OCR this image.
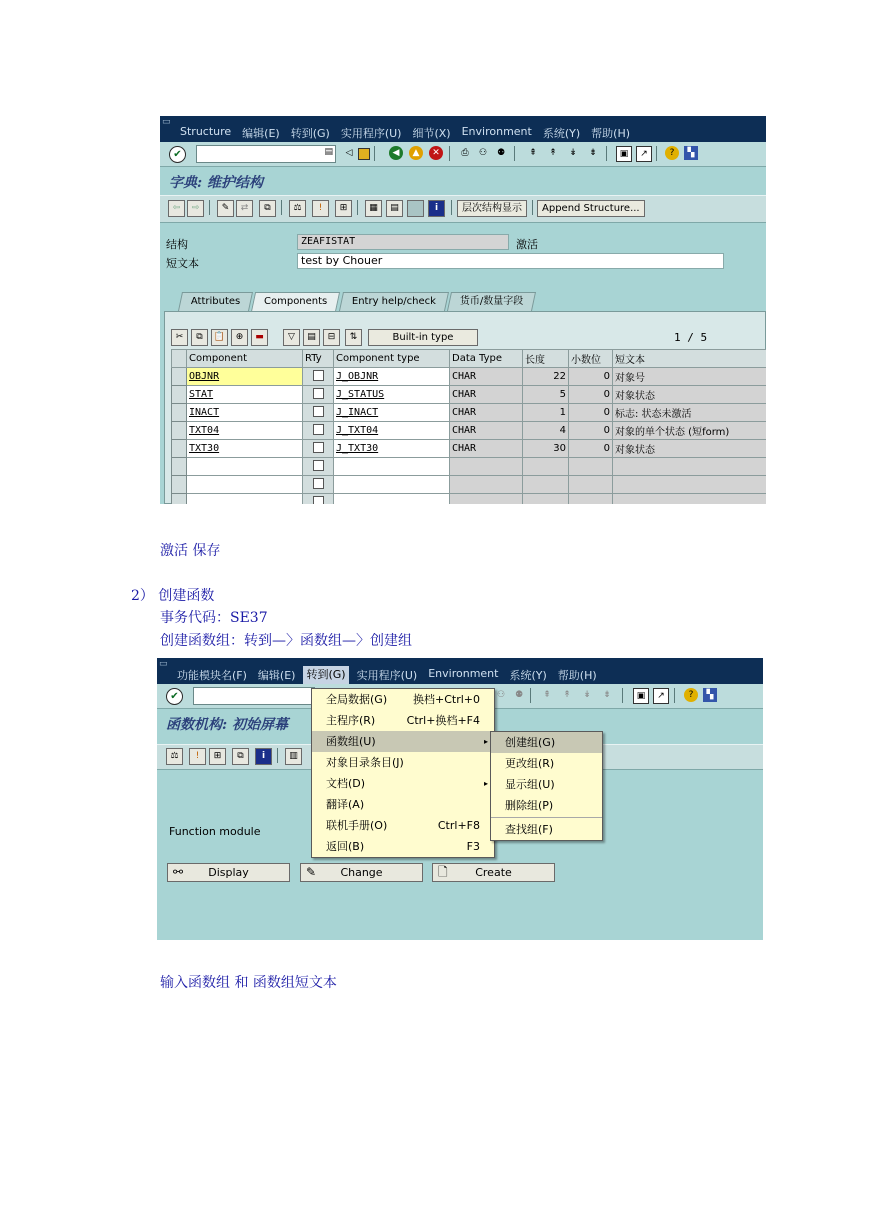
▭
Structure 编辑(E) 转到(G) 实用程序(U) 细节(X) Environment 系统(Y) 帮助(H)
✔	▤	◁	◀	▲	✕	⎙	⚇	⚉	⇞	↟	↡	⇟	▣	↗	?	▚
字典: 维护结构
⇦	⇨	✎	⇄	⧉	⚖	!	⊞	▦	▤	i	层次结构显示	Append Structure...
结构	ZEAFISTAT	激活
短文本	test by Chouer
Attributes	Components	Entry help/check	货币/数量字段
✂	⧉	📋	⊕	▬	▽	▤	⊟	⇅	Built-in type	1 / 5
	Component	RTy	Component type	Data Type	长度	小数位	短文本
	OBJNR		J_OBJNR	CHAR	22	0	对象号
	STAT		J_STATUS	CHAR	5	0	对象状态
	INACT		J_INACT	CHAR	1	0	标志: 状态未激活
	TXT04		J_TXT04	CHAR	4	0	对象的单个状态 (短form)
	TXT30		J_TXT30	CHAR	30	0	对象状态

激活 保存
2） 创建函数
事务代码：SE37
创建函数组：转到—〉函数组—〉创建组
输入函数组 和 函数组短文本
▭
功能模块名(F) 编辑(E) 转到(G) 实用程序(U) Environment 系统(Y) 帮助(H)
✔	⚇	⚉	⇞	↟	↡	⇟	▣	↗	?	▚
函数机构: 初始屏幕
⚖	!	⊞	⧉	i	▥
Function module
⚯	Display	✎	Change	🗋	Create
全局数据(G) 换档+Ctrl+0
主程序(R)	Ctrl+换档+F4
函数组(U)	▸
对象目录条目(J)
文档(D)	▸
翻译(A)
联机手册(O)	Ctrl+F8
返回(B)	F3
创建组(G)
更改组(R)
显示组(U)
删除组(P)
查找组(F)
